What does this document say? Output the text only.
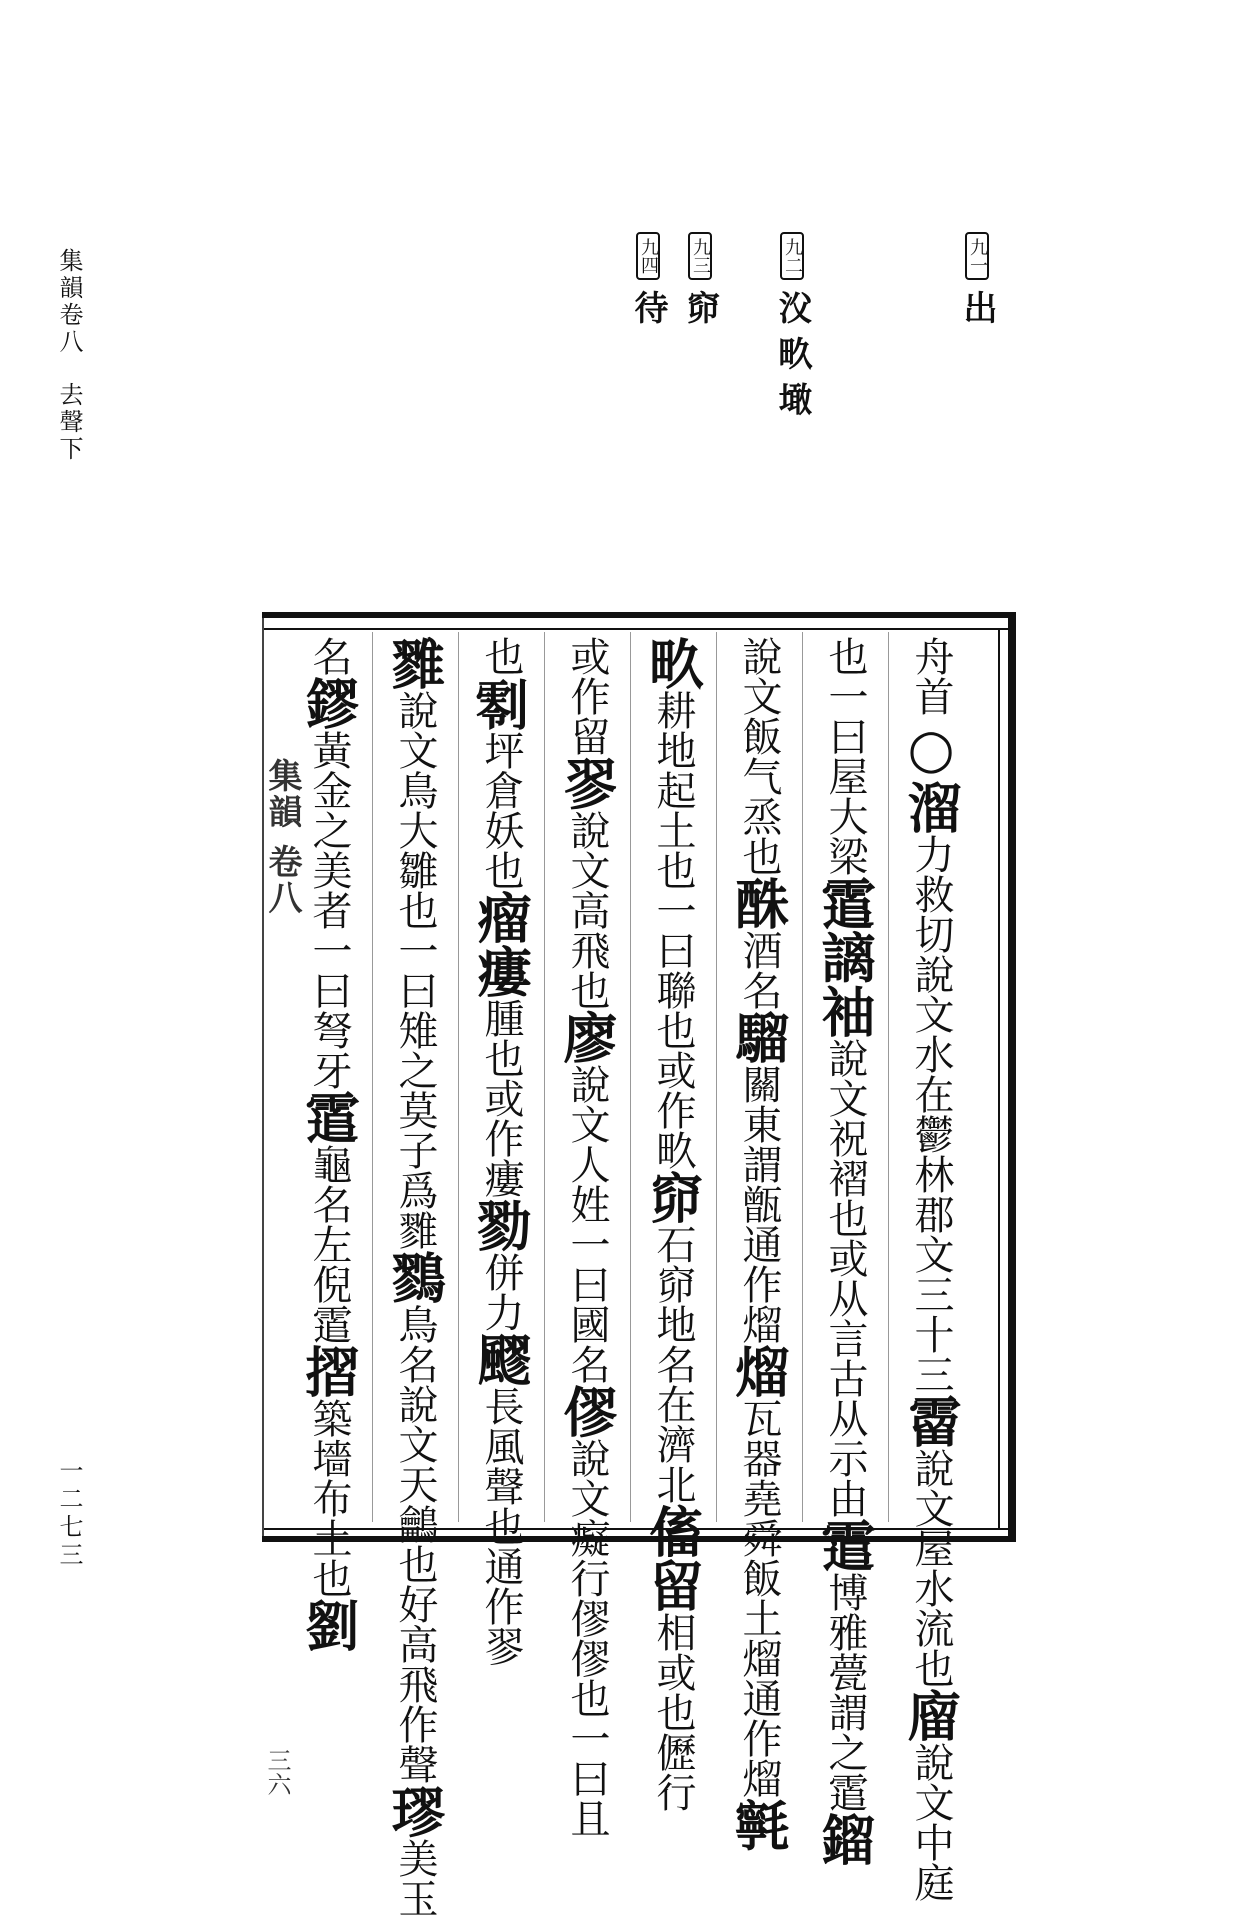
集韻卷八去聲下
一二七三
九一出
九二㳇 畂 𡑒
九三窌
九四待
集韻 卷八
三六
舟首○溜力救切說文水在鬱林郡文三十三霤說文屋水流也廇說文中庭
也一曰屋大梁䨨謧袖說文祝褶也或从言古从示由䨨博雅甍謂之䨨鎦
說文飯气烝也䣷酒名騮關東謂甑通作熘熘瓦器堯舜飯土熘通作熘㲰
畂耕地起土也一曰聯也或作畂窌石窌地名在濟北傗留相或也儮行
或作留翏說文高飛也廖說文人姓一曰國名僇說文癡行僇僇也一曰且
也𠟨坪倉妖也瘤瘻腫也或作瘻勠併力飂長風聲也通作翏
雡說文鳥大雛也一曰雉之莫子爲雡鷚鳥名說文天鸙也好高飛作聲璆美玉
名鏐黃金之美者一曰弩牙䨨龜名左倪䨨摺築墻布土也劉
